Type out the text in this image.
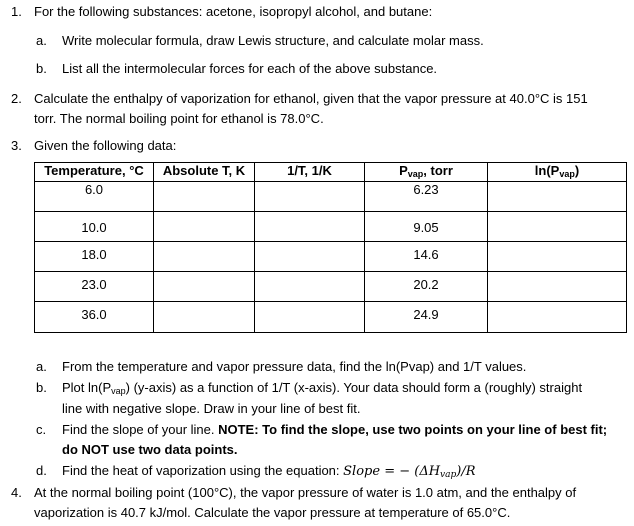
1. For the following substances: acetone, isopropyl alcohol, and butane:
a. Write molecular formula, draw Lewis structure, and calculate molar mass.
b. List all the intermolecular forces for each of the above substance.
2. Calculate the enthalpy of vaporization for ethanol, given that the vapor pressure at 40.0°C is 151
torr. The normal boiling point for ethanol is 78.0°C.
3. Given the following data:
Temperature, °C	Absolute T, K	1/T, 1/K	$P_{vap}$, torr	$\ln(P_{vap})$

6.0			6.23	

10.0			9.05	

18.0			14.6	

23.0			20.2	

36.0			24.9	

a. From the temperature and vapor pressure data, find the ln(Pvap) and 1/T values.
b. Plot $\ln(P_{vap})$ (y-axis) as a function of 1/T (x-axis). Your data should form a (roughly) straight
line with negative slope. Draw in your line of best fit.
c. Find the slope of your line. NOTE: To find the slope, use two points on your line of best fit;
do NOT use two data points.
d. Find the heat of vaporization using the equation: Slope = − $(\Delta H_{vap})/R$
4. At the normal boiling point (100°C), the vapor pressure of water is 1.0 atm, and the enthalpy of
vaporization is 40.7 kJ/mol. Calculate the vapor pressure at temperature of 65.0°C.
